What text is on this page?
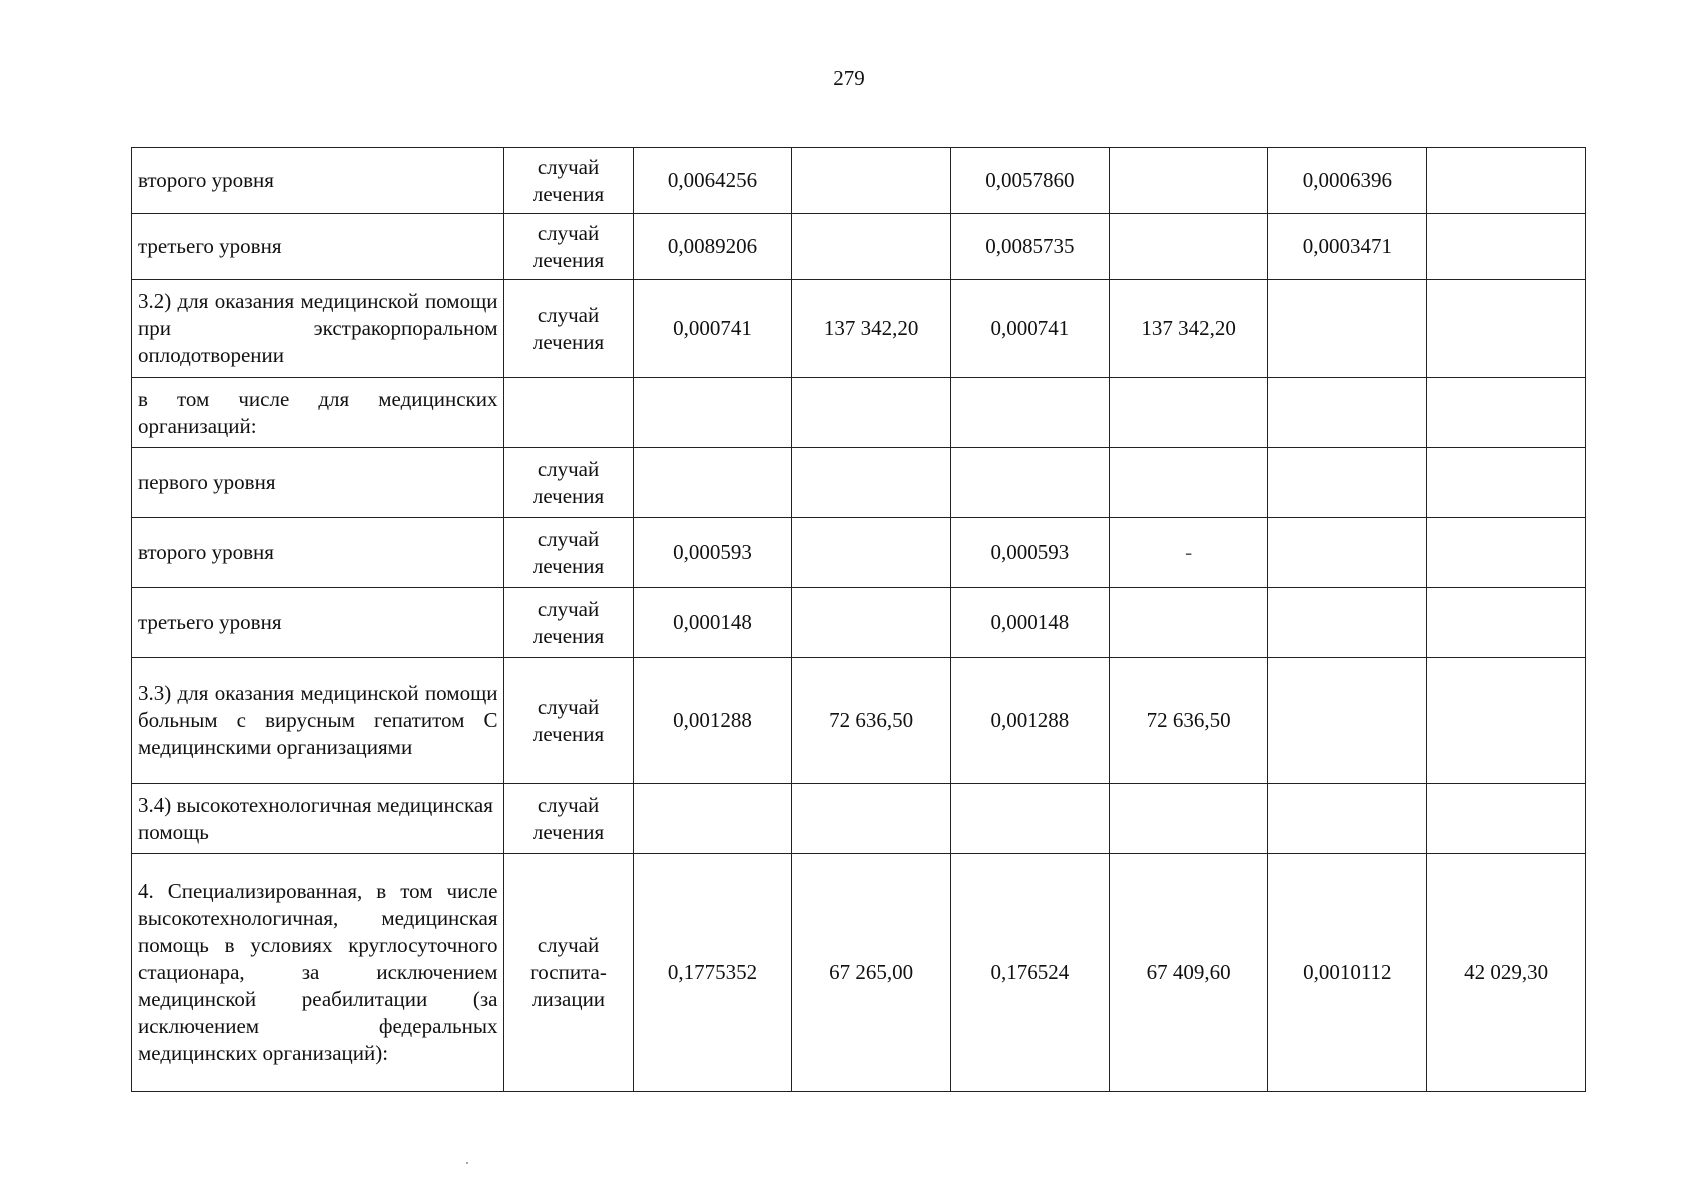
279
второго уровня	случай лечения	0,0064256		0,0057860		0,0006396	
третьего уровня	случай лечения	0,0089206		0,0085735		0,0003471	
3.2) для оказания медицинской помощи при экстракорпоральном оплодотворении	случай лечения	0,000741	137 342,20	0,000741	137 342,20		
в том числе для медицинских организаций:							
первого уровня	случай лечения						
второго уровня	случай лечения	0,000593		0,000593	-		
третьего уровня	случай лечения	0,000148		0,000148			
3.3) для оказания медицинской помощи больным с вирусным гепатитом С медицинскими организациями	случай лечения	0,001288	72 636,50	0,001288	72 636,50		
3.4) высокотехнологичная медицинская помощь	случай лечения						
4. Специализированная, в том числе высокотехнологичная, медицинская помощь в условиях круглосуточного стационара, за исключением медицинской реабилитации (за исключением федеральных медицинских организаций):	случай госпита-лизации	0,1775352	67 265,00	0,176524	67 409,60	0,0010112	42 029,30
